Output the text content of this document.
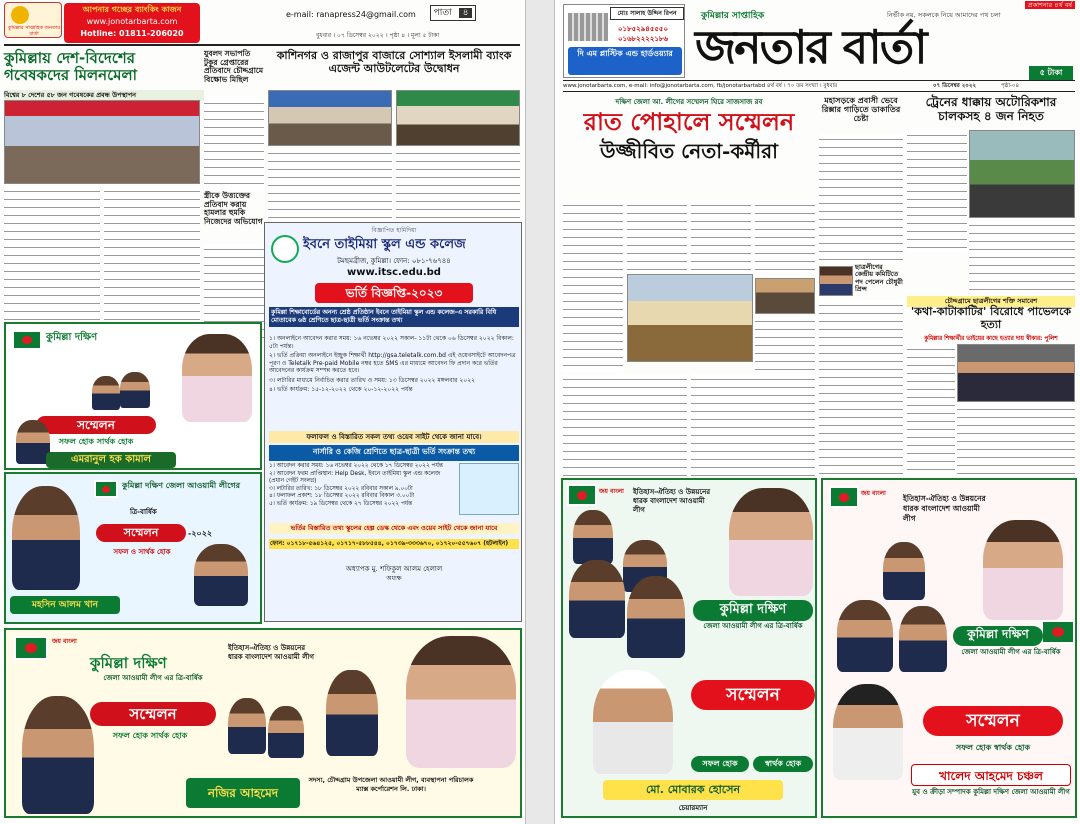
কুমিল্লার সাপ্তাহিক জনতার বার্তা
আপনার গচ্ছের ব্যাংকিং কাজন
www.jonotarbarta.com
Hotline: 01811-206020
e-mail: ranapress24@gmail.com	পাতা ৪
বুধবার । ০৭ ডিসেম্বর ২০২২ । পৃষ্ঠা ৪ । মূল্য ৫ টাকা
কুমিল্লায় দেশ-বিদেশের গবেষকদের মিলনমেলা
বিশ্বের ৮ দেশের ৫৮ জন গবেষকের প্রবন্ধ উপস্থাপন
যুবলদ সভাপতি টুকুর গ্রেপ্তারের প্রতিবাদে চৌদ্দগ্রামে বিক্ষোভ মিছিল
স্ত্রীকে উত্ত্যক্তের প্রতিবাদ করায় হামলার হুমকি নিজেদের অভিযোগ
কাশিনগর ও রাজাপুর বাজারে সোশ্যাল ইসলামী ব্যাংক এজেন্ট আউটলেটের উদ্বোধন
বিজ্ঞাপিত হামিদিয়া
ইবনে তাইমিয়া স্কুল এন্ড কলেজ
টমছমব্রীজ, কুমিল্লা। ফোন: ০৮১-৭৬৭৪৪
www.itsc.edu.bd
ভর্তি বিজ্ঞপ্তি-২০২৩
কুমিল্লা শিক্ষাবোর্ডের অনন্য শ্রেষ্ঠ প্রতিষ্ঠান ইবনে তাইমিয়া স্কুল এন্ড কলেজ-এ সরকারি বিধি মোতাবেক ৬ষ্ঠ শ্রেণিতে ছাত্র-ছাত্রী ভর্তি সংক্রান্ত তথ্য
১। অনলাইনে আবেদন করার সময়: ১৬ নভেম্বর ২০২২ সকাল- ১১টা থেকে ০৬ ডিসেম্বর ২০২২ বিকাল: ৫টা পর্যন্ত।
২। ভর্তি প্রক্রিয়া অনলাইনে ইচ্ছুক শিক্ষার্থী http://gsa.teletalk.com.bd এই ওয়েবসাইটে আবেদনপত্র পূরণ ও Teletalk Pre-paid Mobile নম্বর হতে SMS এর মাধ্যমে আবেদন ফি প্রদান করে ভর্তির আবেদনের কার্যক্রম সম্পন্ন করতে হবে।
৩। লটারির মাধ্যমে নির্বাচিত করার তারিখ ও সময়: ১৩ ডিসেম্বর ২০২২ মঙ্গলবার ২০২২
৪। ভর্তি কার্যক্রম: ১৫-১২-২০২২ থেকে ২০-১২-২০২২ পর্যন্ত
ফলাফল ও বিস্তারিত সকল তথ্য ওয়েব সাইট থেকে জানা যাবে।
নার্সারি ও কেজি শ্রেণিতে ছাত্র-ছাত্রী ভর্তি সংক্রান্ত তথ্য
১। আবেদন করার সময়: ১৬ নভেম্বর ২০২২ থেকে ১৭ ডিসেম্বর ২০২২ পর্যন্ত
২। আবেদন ফরম প্রাপ্তিস্থান: Help Desk, ইবনে তাইমিয়া স্কুল এন্ড কলেজ (প্রধান গেইট সংলগ্ন)
৩। লটারির তারিখ: ১৮ ডিসেম্বর ২০২২ রবিবার সকাল ৯.০০টা
৪। ফলাফল প্রকাশ: ১৮ ডিসেম্বর ২০২২ রবিবার বিকাল ৩.০০টা
৫। ভর্তি কার্যক্রম: ১৯ ডিসেম্বর থেকে ২৭ ডিসেম্বর ২০২২ পর্যন্ত
ভর্তির বিস্তারিত তথ্য স্কুলের হেল্প ডেস্ক থেকে এবং ওয়েব সাইট থেকে জানা যাবে
ফোন: ০১৭১৮-৫৬৪১২৫, ০১৭১৭-৫৮৮৫৪৪, ০১৭৩৯-৩৩৩৬৭০, ০১৭২০-৫৫৭৬০৭ (হটলাইন)
অধ্যাপক মু. শফিকুল আলম হেলাল
অধ্যক্ষ
কুমিল্লা দক্ষিণ
সম্মেলন
সফল হোক সার্থক হোক
এমরানুল হক কামাল
কুমিল্লা দক্ষিণ জেলা আওয়ামী লীগের
ত্রি-বার্ষিক
সম্মেলন	-২০২২
সফল ও সার্থক হোক
মহসিন আলম খান
জয় বাংলা
কুমিল্লা দক্ষিণ
জেলা আওয়ামী লীগ এর ত্রি-বার্ষিক
সম্মেলন
সফল হোক সার্থক হোক
ইতিহাস-ঐতিহ্য ও উন্নয়নের ধারক বাংলাদেশ আওয়ামী লীগ
নজির আহমেদ
সদস্য, চৌদ্দগ্রাম উপজেলা আওয়ামী লীগ, ব্যবস্থাপনা পরিচালক ম্যাক্স কর্পোরেশন লি. ঢাকা।
মোঃ সালাহ উদ্দিন রিপন
০১৮৫২৯৪৫৫৫০
০১৬৮২২২২১৮৬
দি এম প্লাস্টিক এন্ড হার্ডওয়্যার
কুমিল্লার সাপ্তাহিক
জনতার বার্তা
নির্ভীক নয়, সকলকে নিয়ে আমাদের পথ চলা
প্রকাশনার ৪র্থ বর্ষ
www.jonotarbarta.com, e-mail: info@jonotarbarta.com, fb/jonotarbartabd ৪র্থ বর্ষ । ৭০ তম সংখ্যা । বুধবার	০৭ ডিসেম্বর ২০২২	পৃষ্ঠা-০৪
৫ টাকা
দক্ষিণ জেলা আ. লীগের সম্মেলন ঘিরে সাজসাজ রব
রাত পোহালে সম্মেলন
উজ্জীবিত নেতা-কর্মীরা
মহাসড়কে প্রবাসী ভেবে রিক্সার গাড়িতে ডাকাতির চেষ্টা
ছাত্রলীগের কেন্দ্রীয় কমিটিতে পদ পেলেন চৌধুরী প্রিন্স
ট্রেনের ধাক্কায় অটোরিকশার চালকসহ ৪ জন নিহত
চৌদ্দগ্রামে ছাত্রলীগের শক্তি সমাবেশ
'কথা-কাটাকাটির' বিরোধে পাভেলকে হত্যা
কুমিল্লার শিক্ষার্থীর ভাইয়ের কাছে হত্যার দায় স্বীকার: পুলিশ
জয় বাংলা ইতিহাস-ঐতিহ্য ও উন্নয়নের ধারক বাংলাদেশ আওয়ামী লীগ
কুমিল্লা দক্ষিণ
জেলা আওয়ামী লীগ এর ত্রি-বার্ষিক
সম্মেলন
সফল হোক	স্বার্থক হোক
মো. মোবারক হোসেন
চেয়ারম্যান
জয় বাংলা
ইতিহাস-ঐতিহ্য ও উন্নয়নের ধারক বাংলাদেশ আওয়ামী লীগ
কুমিল্লা দক্ষিণ
জেলা আওয়ামী লীগ এর ত্রি-বার্ষিক
সম্মেলন
সফল হোক স্বার্থক হোক
খালেদ আহমেদ চঞ্চল
যুব ও ক্রীড়া সম্পাদক কুমিল্লা দক্ষিণ জেলা আওয়ামী লীগ
